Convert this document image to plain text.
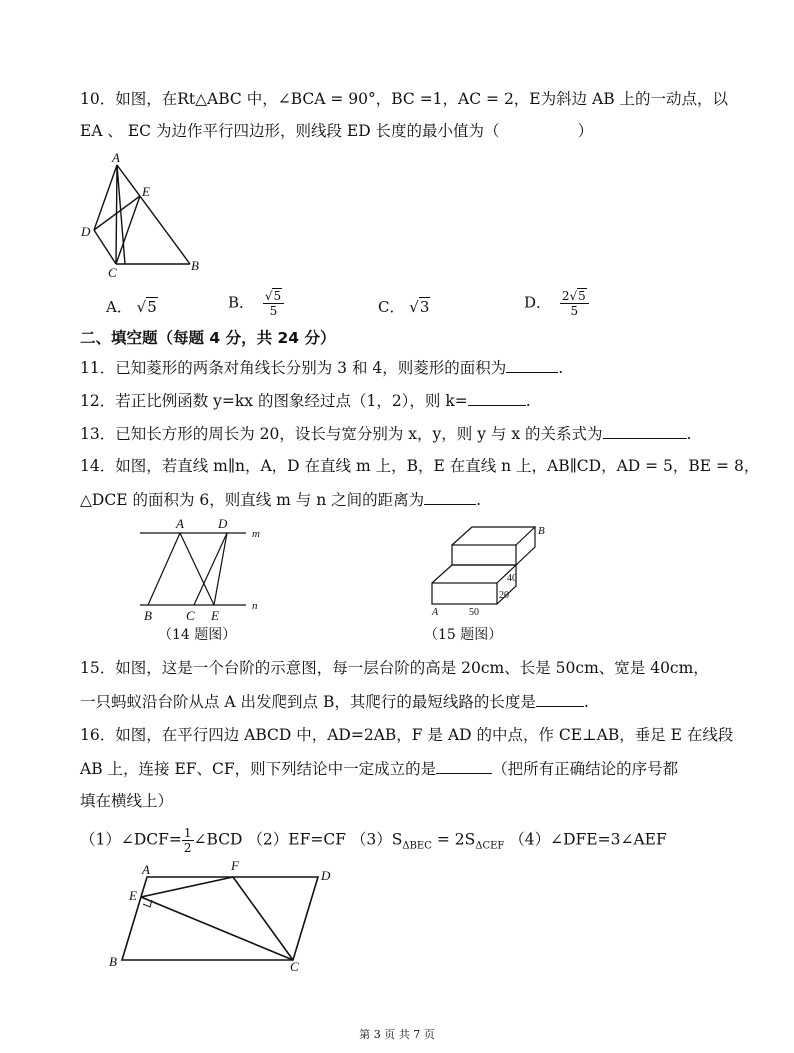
10．如图，在Rt△ABC 中，∠BCA = 90°，BC =1，AC = 2，E为斜边 AB 上的一动点，以
EA 、 EC 为边作平行四边形，则线段 ED 长度的最小值为（	）
A
E
D
C	B
A． √5	B． $\frac{√5}{5}$	C． √3	D． $\frac{2√5}{5}$
二、填空题（每题 4 分，共 24 分）
11．已知菱形的两条对角线长分别为 3 和 4，则菱形的面积为	.
12．若正比例函数 y=kx 的图象经过点（1，2），则 k=	.
13．已知长方形的周长为 20，设长与宽分别为 x，y，则 y 与 x 的关系式为	.
14．如图，若直线 m∥n，A，D 在直线 m 上，B，E 在直线 n 上，AB∥CD，AD = 5，BE = 8，
△DCE 的面积为 6，则直线 m 与 n 之间的距离为	.
A	D
m
B	C E
n
（14 题图）
B
40
20
A	50
（15 题图）
15．如图，这是一个台阶的示意图，每一层台阶的高是 20cm、长是 50cm、宽是 40cm，
一只蚂蚁沿台阶从点 A 出发爬到点 B，其爬行的最短线路的长度是	.
16．如图，在平行四边 ABCD 中，AD=2AB，F 是 AD 的中点，作 CE⊥AB，垂足 E 在线段
AB 上，连接 EF、CF，则下列结论中一定成立的是	（把所有正确结论的序号都
填在横线上）
（1）∠DCF= $\frac{1}{2}$ ∠BCD （2）EF=CF $(3)S_{\Delta BEC} = 2S_{\Delta CEF}$ （4）∠DFE=3∠AEF
A	F
D
E
B	C
第 3 页 共 7 页
